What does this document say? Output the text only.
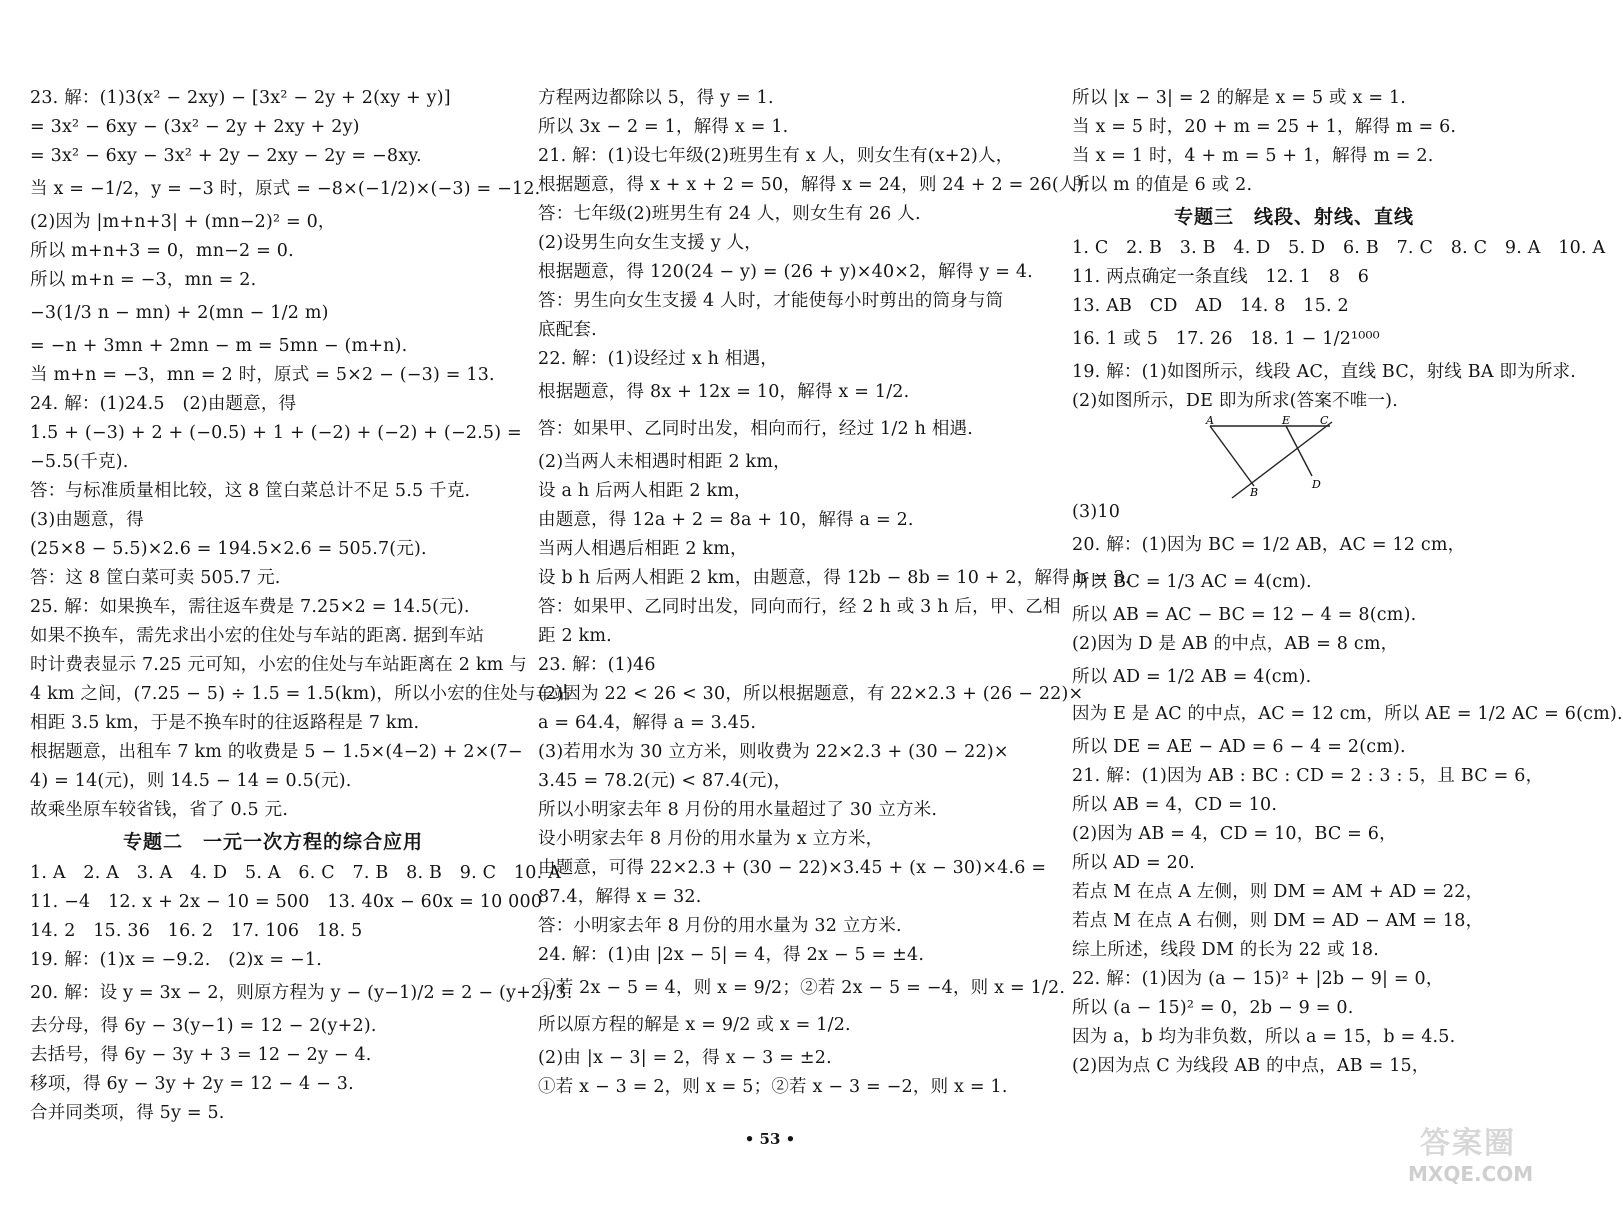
23. 解：(1)3(x² − 2xy) − [3x² − 2y + 2(xy + y)]
= 3x² − 6xy − (3x² − 2y + 2xy + 2y)
= 3x² − 6xy − 3x² + 2y − 2xy − 2y = −8xy.
当 x = −1/2，y = −3 时，原式 = −8×(−1/2)×(−3) = −12.
(2)因为 |m+n+3| + (mn−2)² = 0，
所以 m+n+3 = 0，mn−2 = 0.
所以 m+n = −3，mn = 2.
−3(1/3 n − mn) + 2(mn − 1/2 m)
= −n + 3mn + 2mn − m = 5mn − (m+n).
当 m+n = −3，mn = 2 时，原式 = 5×2 − (−3) = 13.
24. 解：(1)24.5　(2)由题意，得
1.5 + (−3) + 2 + (−0.5) + 1 + (−2) + (−2) + (−2.5) =
−5.5(千克).
答：与标准质量相比较，这 8 筐白菜总计不足 5.5 千克.
(3)由题意，得
(25×8 − 5.5)×2.6 = 194.5×2.6 = 505.7(元).
答：这 8 筐白菜可卖 505.7 元.
25. 解：如果换车，需往返车费是 7.25×2 = 14.5(元).
如果不换车，需先求出小宏的住处与车站的距离. 据到车站
时计费表显示 7.25 元可知，小宏的住处与车站距离在 2 km 与
4 km 之间，(7.25 − 5) ÷ 1.5 = 1.5(km)，所以小宏的住处与车站
相距 3.5 km，于是不换车时的往返路程是 7 km.
根据题意，出租车 7 km 的收费是 5 − 1.5×(4−2) + 2×(7−
4) = 14(元)，则 14.5 − 14 = 0.5(元).
故乘坐原车较省钱，省了 0.5 元.
专题二　一元一次方程的综合应用
1. A　2. A　3. A　4. D　5. A　6. C　7. B　8. B　9. C　10. A
11. −4　12. x + 2x − 10 = 500　13. 40x − 60x = 10 000
14. 2　15. 36　16. 2　17. 106　18. 5
19. 解：(1)x = −9.2.　(2)x = −1.
20. 解：设 y = 3x − 2，则原方程为 y − (y−1)/2 = 2 − (y+2)/3.
去分母，得 6y − 3(y−1) = 12 − 2(y+2).
去括号，得 6y − 3y + 3 = 12 − 2y − 4.
移项，得 6y − 3y + 2y = 12 − 4 − 3.
合并同类项，得 5y = 5.
方程两边都除以 5，得 y = 1.
所以 3x − 2 = 1，解得 x = 1.
21. 解：(1)设七年级(2)班男生有 x 人，则女生有(x+2)人，
根据题意，得 x + x + 2 = 50，解得 x = 24，则 24 + 2 = 26(人).
答：七年级(2)班男生有 24 人，则女生有 26 人.
(2)设男生向女生支援 y 人，
根据题意，得 120(24 − y) = (26 + y)×40×2，解得 y = 4.
答：男生向女生支援 4 人时，才能使每小时剪出的筒身与筒
底配套.
22. 解：(1)设经过 x h 相遇，
根据题意，得 8x + 12x = 10，解得 x = 1/2.
答：如果甲、乙同时出发，相向而行，经过 1/2 h 相遇.
(2)当两人未相遇时相距 2 km，
设 a h 后两人相距 2 km，
由题意，得 12a + 2 = 8a + 10，解得 a = 2.
当两人相遇后相距 2 km，
设 b h 后两人相距 2 km，由题意，得 12b − 8b = 10 + 2，解得 b = 3.
答：如果甲、乙同时出发，同向而行，经 2 h 或 3 h 后，甲、乙相
距 2 km.
23. 解：(1)46
(2)因为 22 < 26 < 30，所以根据题意，有 22×2.3 + (26 − 22)×
a = 64.4，解得 a = 3.45.
(3)若用水为 30 立方米，则收费为 22×2.3 + (30 − 22)×
3.45 = 78.2(元) < 87.4(元)，
所以小明家去年 8 月份的用水量超过了 30 立方米.
设小明家去年 8 月份的用水量为 x 立方米，
由题意，可得 22×2.3 + (30 − 22)×3.45 + (x − 30)×4.6 =
87.4，解得 x = 32.
答：小明家去年 8 月份的用水量为 32 立方米.
24. 解：(1)由 |2x − 5| = 4，得 2x − 5 = ±4.
①若 2x − 5 = 4，则 x = 9/2；②若 2x − 5 = −4，则 x = 1/2.
所以原方程的解是 x = 9/2 或 x = 1/2.
(2)由 |x − 3| = 2，得 x − 3 = ±2.
①若 x − 3 = 2，则 x = 5；②若 x − 3 = −2，则 x = 1.
所以 |x − 3| = 2 的解是 x = 5 或 x = 1.
当 x = 5 时，20 + m = 25 + 1，解得 m = 6.
当 x = 1 时，4 + m = 5 + 1，解得 m = 2.
所以 m 的值是 6 或 2.
专题三　线段、射线、直线
1. C　2. B　3. B　4. D　5. D　6. B　7. C　8. C　9. A　10. A
11. 两点确定一条直线　12. 1　8　6
13. AB　CD　AD　14. 8　15. 2
16. 1 或 5　17. 26　18. 1 − 1/2¹⁰⁰⁰
19. 解：(1)如图所示，线段 AC，直线 BC，射线 BA 即为所求.
(2)如图所示，DE 即为所求(答案不唯一).
A	E	C
B
D
(3)10
20. 解：(1)因为 BC = 1/2 AB，AC = 12 cm，
所以 BC = 1/3 AC = 4(cm).
所以 AB = AC − BC = 12 − 4 = 8(cm).
(2)因为 D 是 AB 的中点，AB = 8 cm，
所以 AD = 1/2 AB = 4(cm).
因为 E 是 AC 的中点，AC = 12 cm，所以 AE = 1/2 AC = 6(cm).
所以 DE = AE − AD = 6 − 4 = 2(cm).
21. 解：(1)因为 AB : BC : CD = 2 : 3 : 5，且 BC = 6，
所以 AB = 4，CD = 10.
(2)因为 AB = 4，CD = 10，BC = 6，
所以 AD = 20.
若点 M 在点 A 左侧，则 DM = AM + AD = 22，
若点 M 在点 A 右侧，则 DM = AD − AM = 18，
综上所述，线段 DM 的长为 22 或 18.
22. 解：(1)因为 (a − 15)² + |2b − 9| = 0，
所以 (a − 15)² = 0，2b − 9 = 0.
因为 a，b 均为非负数，所以 a = 15，b = 4.5.
(2)因为点 C 为线段 AB 的中点，AB = 15，
• 53 •	答案圈
MXQE.COM
